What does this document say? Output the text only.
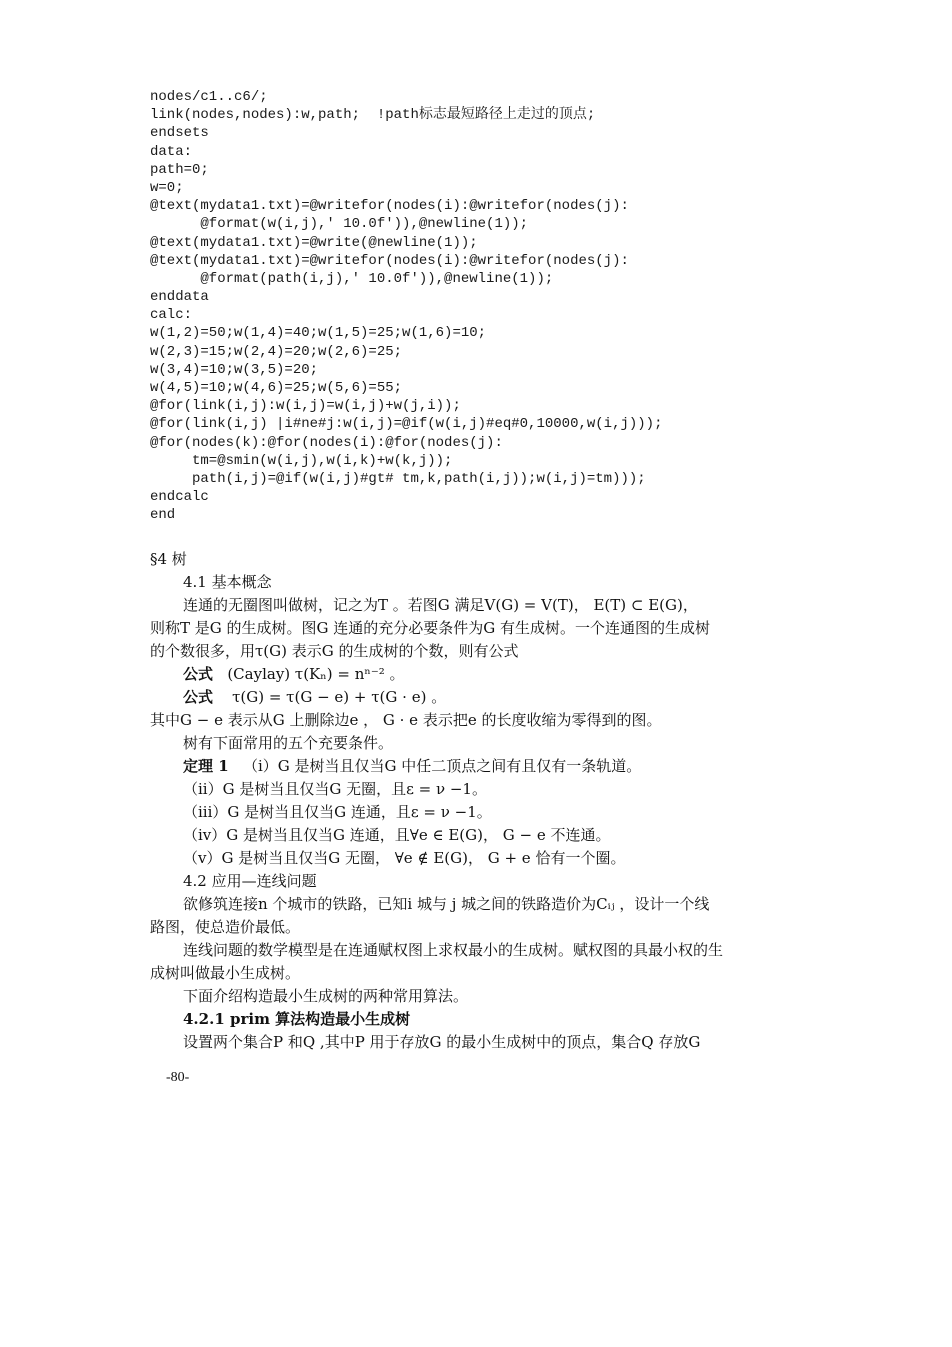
nodes/c1..c6/;
link(nodes,nodes):w,path;  !path标志最短路径上走过的顶点;
endsets
data:
path=0;
w=0;
@text(mydata1.txt)=@writefor(nodes(i):@writefor(nodes(j):
@format(w(i,j),' 10.0f')),@newline(1));
@text(mydata1.txt)=@write(@newline(1));
@text(mydata1.txt)=@writefor(nodes(i):@writefor(nodes(j):
@format(path(i,j),' 10.0f')),@newline(1));
enddata
calc:
w(1,2)=50;w(1,4)=40;w(1,5)=25;w(1,6)=10;
w(2,3)=15;w(2,4)=20;w(2,6)=25;
w(3,4)=10;w(3,5)=20;
w(4,5)=10;w(4,6)=25;w(5,6)=55;
@for(link(i,j):w(i,j)=w(i,j)+w(j,i));
@for(link(i,j) |i#ne#j:w(i,j)=@if(w(i,j)#eq#0,10000,w(i,j)));
@for(nodes(k):@for(nodes(i):@for(nodes(j):
tm=@smin(w(i,j),w(i,k)+w(k,j));
path(i,j)=@if(w(i,j)#gt# tm,k,path(i,j));w(i,j)=tm)));
endcalc
end
§4 树
4.1 基本概念
连通的无圈图叫做树，记之为T 。若图G 满足V(G) = V(T)， E(T) ⊂ E(G)，
则称T 是G 的生成树。图G 连通的充分必要条件为G 有生成树。一个连通图的生成树
的个数很多，用τ(G) 表示G 的生成树的个数，则有公式
公式 (Caylay) τ(Kₙ) = nⁿ⁻² 。
公式 τ(G) = τ(G − e) + τ(G · e) 。
其中G − e 表示从G 上删除边e ， G · e 表示把e 的长度收缩为零得到的图。
树有下面常用的五个充要条件。
定理 1 （i）G 是树当且仅当G 中任二顶点之间有且仅有一条轨道。
（ii）G 是树当且仅当G 无圈，且ε = ν −1。
（iii）G 是树当且仅当G 连通，且ε = ν −1。
（iv）G 是树当且仅当G 连通，且∀e ∈ E(G)， G − e 不连通。
（v）G 是树当且仅当G 无圈， ∀e ∉ E(G)， G + e 恰有一个圈。
4.2 应用—连线问题
欲修筑连接n 个城市的铁路，已知i 城与 j 城之间的铁路造价为Cᵢⱼ ，设计一个线
路图，使总造价最低。
连线问题的数学模型是在连通赋权图上求权最小的生成树。赋权图的具最小权的生
成树叫做最小生成树。
下面介绍构造最小生成树的两种常用算法。
4.2.1 prim 算法构造最小生成树
设置两个集合P 和Q ,其中P 用于存放G 的最小生成树中的顶点，集合Q 存放G
-80-
